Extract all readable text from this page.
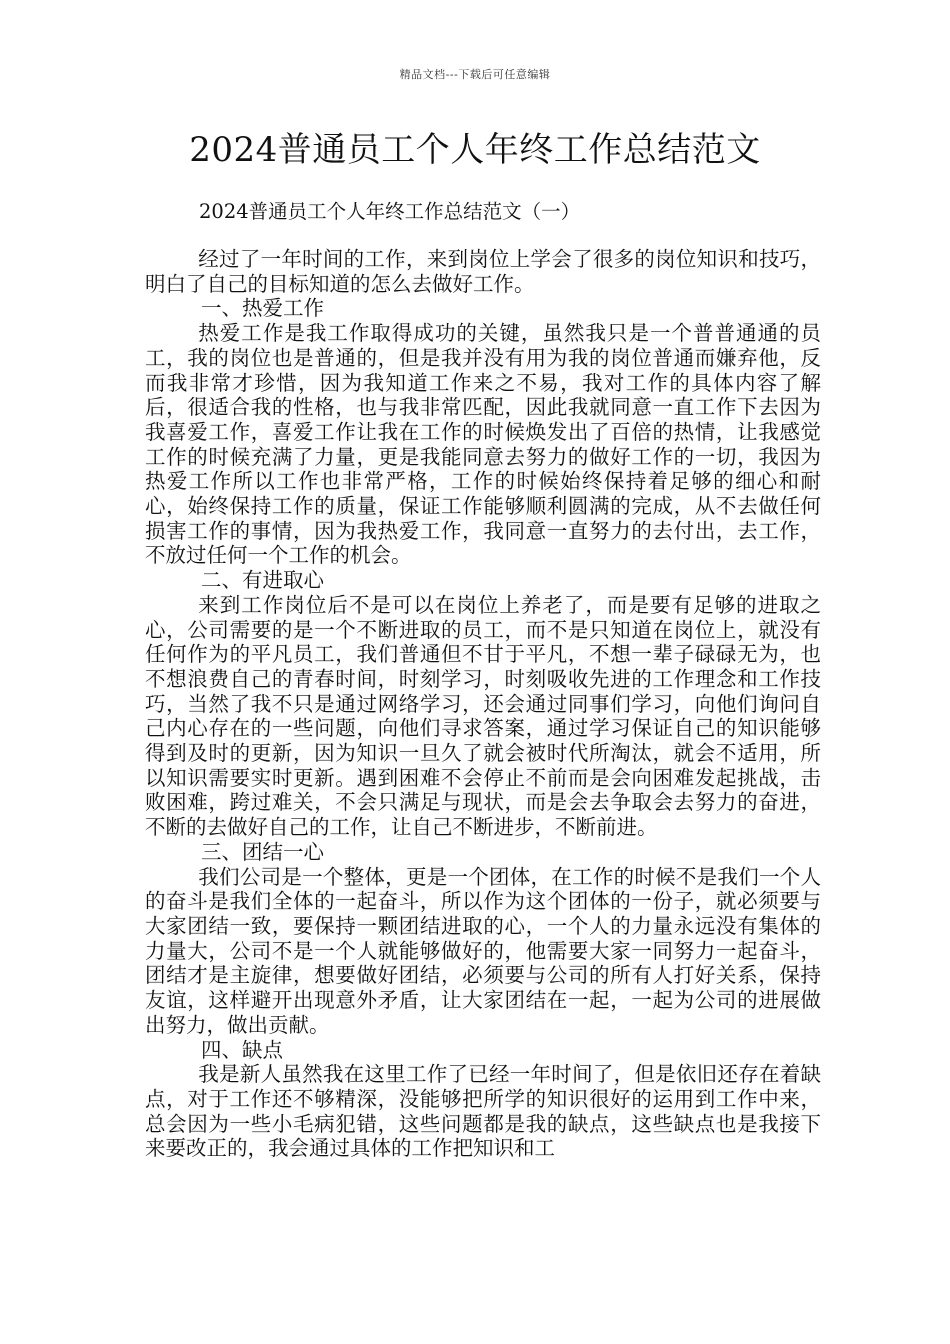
精品文档---下载后可任意编辑
2024普通员工个人年终工作总结范文

2024普通员工个人年终工作总结范文（一）

经过了一年时间的工作，来到岗位上学会了很多的岗位知识和技巧，明白了自己的目标知道的怎么去做好工作。

一、热爱工作

热爱工作是我工作取得成功的关键，虽然我只是一个普普通通的员工，我的岗位也是普通的，但是我并没有用为我的岗位普通而嫌弃他，反而我非常才珍惜，因为我知道工作来之不易，我对工作的具体内容了解后，很适合我的性格，也与我非常匹配，因此我就同意一直工作下去因为我喜爱工作，喜爱工作让我在工作的时候焕发出了百倍的热情，让我感觉工作的时候充满了力量，更是我能同意去努力的做好工作的一切，我因为热爱工作所以工作也非常严格，工作的时候始终保持着足够的细心和耐心，始终保持工作的质量，保证工作能够顺利圆满的完成，从不去做任何损害工作的事情，因为我热爱工作，我同意一直努力的去付出，去工作，不放过任何一个工作的机会。

二、有进取心

来到工作岗位后不是可以在岗位上养老了，而是要有足够的进取之心，公司需要的是一个不断进取的员工，而不是只知道在岗位上，就没有任何作为的平凡员工，我们普通但不甘于平凡，不想一辈子碌碌无为，也不想浪费自己的青春时间，时刻学习，时刻吸收先进的工作理念和工作技巧，当然了我不只是通过网络学习，还会通过同事们学习，向他们询问自己内心存在的一些问题，向他们寻求答案，通过学习保证自己的知识能够得到及时的更新，因为知识一旦久了就会被时代所淘汰，就会不适用，所以知识需要实时更新。遇到困难不会停止不前而是会向困难发起挑战，击败困难，跨过难关，不会只满足与现状，而是会去争取会去努力的奋进，不断的去做好自己的工作，让自己不断进步，不断前进。

三、团结一心

我们公司是一个整体，更是一个团体，在工作的时候不是我们一个人的奋斗是我们全体的一起奋斗，所以作为这个团体的一份子，就必须要与大家团结一致，要保持一颗团结进取的心，一个人的力量永远没有集体的力量大，公司不是一个人就能够做好的，他需要大家一同努力一起奋斗，团结才是主旋律，想要做好团结，必须要与公司的所有人打好关系，保持友谊，这样避开出现意外矛盾，让大家团结在一起，一起为公司的进展做出努力，做出贡献。

四、缺点

我是新人虽然我在这里工作了已经一年时间了，但是依旧还存在着缺点，对于工作还不够精深，没能够把所学的知识很好的运用到工作中来，总会因为一些小毛病犯错，这些问题都是我的缺点，这些缺点也是我接下来要改正的，我会通过具体的工作把知识和工
